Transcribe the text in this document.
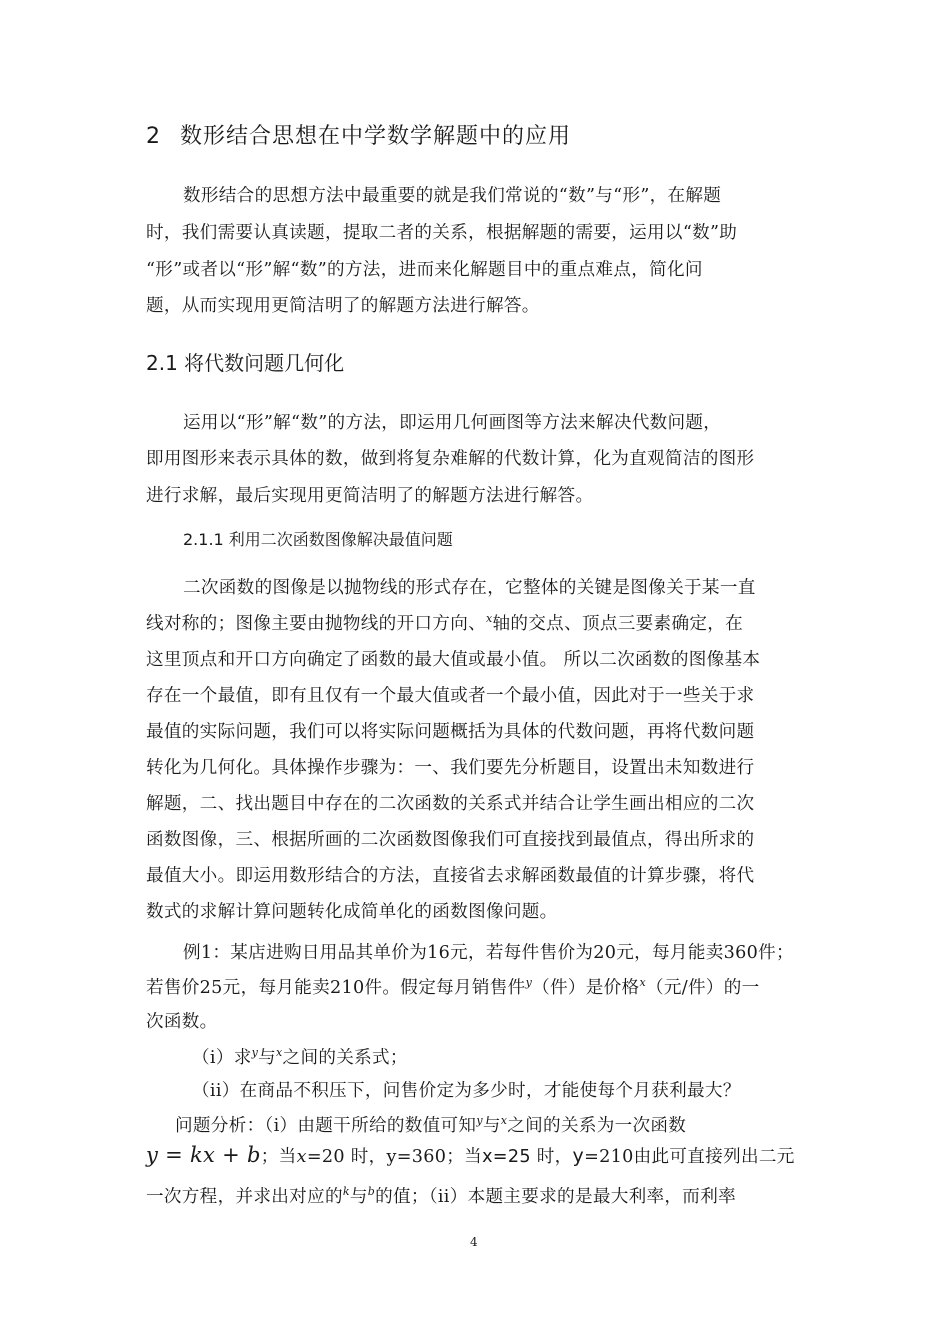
2 数形结合思想在中学数学解题中的应用
数形结合的思想方法中最重要的就是我们常说的“数”与“形”，在解题
时，我们需要认真读题，提取二者的关系，根据解题的需要，运用以“数”助
“形”或者以“形”解“数”的方法，进而来化解题目中的重点难点，简化问
题，从而实现用更简洁明了的解题方法进行解答。
2.1 将代数问题几何化
运用以“形”解“数”的方法，即运用几何画图等方法来解决代数问题，
即用图形来表示具体的数，做到将复杂难解的代数计算，化为直观简洁的图形
进行求解，最后实现用更简洁明了的解题方法进行解答。
2.1.1 利用二次函数图像解决最值问题
二次函数的图像是以抛物线的形式存在，它整体的关键是图像关于某一直
线对称的；图像主要由抛物线的开口方向、$^x$轴的交点、顶点三要素确定，在
这里顶点和开口方向确定了函数的最大值或最小值。 所以二次函数的图像基本
存在一个最值，即有且仅有一个最大值或者一个最小值，因此对于一些关于求
最值的实际问题，我们可以将实际问题概括为具体的代数问题，再将代数问题
转化为几何化。具体操作步骤为：一、我们要先分析题目，设置出未知数进行
解题，二、找出题目中存在的二次函数的关系式并结合让学生画出相应的二次
函数图像，三、根据所画的二次函数图像我们可直接找到最值点，得出所求的
最值大小。即运用数形结合的方法，直接省去求解函数最值的计算步骤，将代
数式的求解计算问题转化成简单化的函数图像问题。
例1：某店进购日用品其单价为16元，若每件售价为20元，每月能卖360件；
若售价25元，每月能卖210件。假定每月销售件$^y$（件）是价格$^x$（元/件）的一
次函数。
（i）求$^y$与$^x$之间的关系式；
（ii）在商品不积压下，问售价定为多少时，才能使每个月获利最大？
问题分析：（i）由题干所给的数值可知$^y$与$^x$之间的关系为一次函数
y = kx + b；当x=20 时，y=360；当x=25 时，y=210由此可直接列出二元
一次方程，并求出对应的$^k$与$^b$的值；（ii）本题主要求的是最大利率，而利率
4
